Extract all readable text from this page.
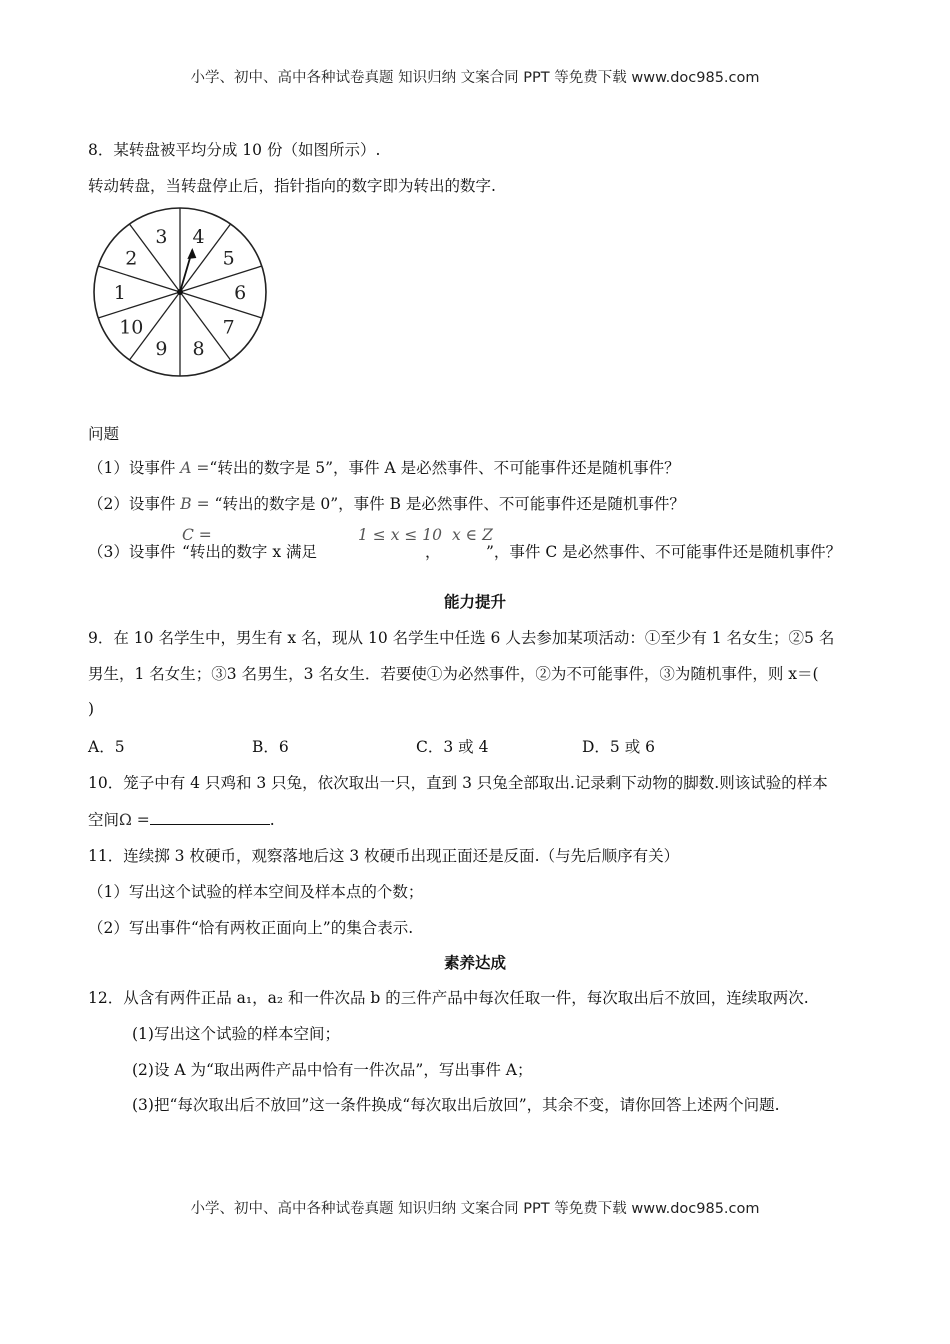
小学、初中、高中各种试卷真题 知识归纳 文案合同 PPT 等免费下载 www.doc985.com
8．某转盘被平均分成 10 份（如图所示）.
转动转盘，当转盘停止后，指针指向的数字即为转出的数字.
1
2
3 4
5
6
7
8
9
10
问题
（1）设事件 A =“转出的数字是 5”，事件 A 是必然事件、不可能事件还是随机事件？
（2）设事件 B = “转出的数字是 0”，事件 B 是必然事件、不可能事件还是随机事件？
（3）设事件
C =
“转出的数字 x 满足
1 ≤ x ≤ 10
，
x ∈ Z
”，事件 C 是必然事件、不可能事件还是随机事件？
能力提升
9．在 10 名学生中，男生有 x 名，现从 10 名学生中任选 6 人去参加某项活动：①至少有 1 名女生；②5 名
男生，1 名女生；③3 名男生，3 名女生．若要使①为必然事件，②为不可能事件，③为随机事件，则 x＝(
)
A．5	B．6	C．3 或 4	D．5 或 6
10．笼子中有 4 只鸡和 3 只兔，依次取出一只，直到 3 只兔全部取出.记录剩下动物的脚数.则该试验的样本
空间Ω =	.
11．连续掷 3 枚硬币，观察落地后这 3 枚硬币出现正面还是反面.（与先后顺序有关）
（1）写出这个试验的样本空间及样本点的个数；
（2）写出事件“恰有两枚正面向上”的集合表示.
素养达成
12．从含有两件正品 a₁，a₂ 和一件次品 b 的三件产品中每次任取一件，每次取出后不放回，连续取两次.
(1)写出这个试验的样本空间；
(2)设 A 为“取出两件产品中恰有一件次品”，写出事件 A；
(3)把“每次取出后不放回”这一条件换成“每次取出后放回”，其余不变，请你回答上述两个问题.
小学、初中、高中各种试卷真题 知识归纳 文案合同 PPT 等免费下载 www.doc985.com
